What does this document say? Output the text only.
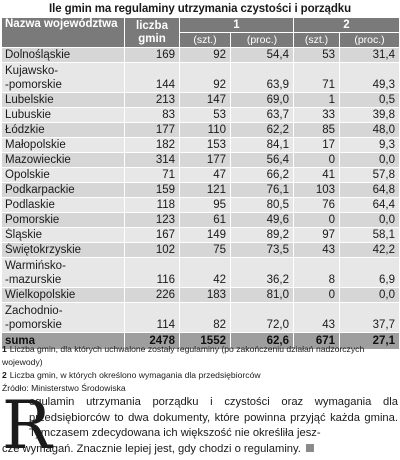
Ile gmin ma regulaminy utrzymania czystości i porządku
Nazwa województwa	liczba
gmin	1		2	
		(szt.)	(proc.)	(szt.)	(proc.)
Dolnośląskie	169	92	54,4	53	31,4
Kujawsko-
-pomorskie	144	92	63,9	71	49,3
Lubelskie	213	147	69,0	1	0,5
Lubuskie	83	53	63,7	33	39,8
Łódzkie	177	110	62,2	85	48,0
Małopolskie	182	153	84,1	17	9,3
Mazowieckie	314	177	56,4	0	0,0
Opolskie	71	47	66,2	41	57,8
Podkarpackie	159	121	76,1	103	64,8
Podlaskie	118	95	80,5	76	64,4
Pomorskie	123	61	49,6	0	0,0
Śląskie	167	149	89,2	97	58,1
Świętokrzyskie	102	75	73,5	43	42,2
Warmińsko-
-mazurskie	116	42	36,2	8	6,9
Wielkopolskie	226	183	81,0	0	0,0
Zachodnio-
-pomorskie	114	82	72,0	43	37,7
suma	2478	1552	62,6	671	27,1
1 Liczba gmin, dla których uchwalone zostały regulaminy (po zakończeniu działań nadzorczych wojewody)
2 Liczba gmin, w których określono wymagania dla przedsiębiorców
Źródło: Ministerstwo Środowiska
R
egulamin utrzymania porządku i czystości oraz wymagania dla przedsiębiorców to dwa dokumenty, które powinna przyjąć każda gmina. Tymczasem zdecydowana ich większość nie określiła jesz-
cze wymagań. Znacznie lepiej jest, gdy chodzi o regulaminy.
